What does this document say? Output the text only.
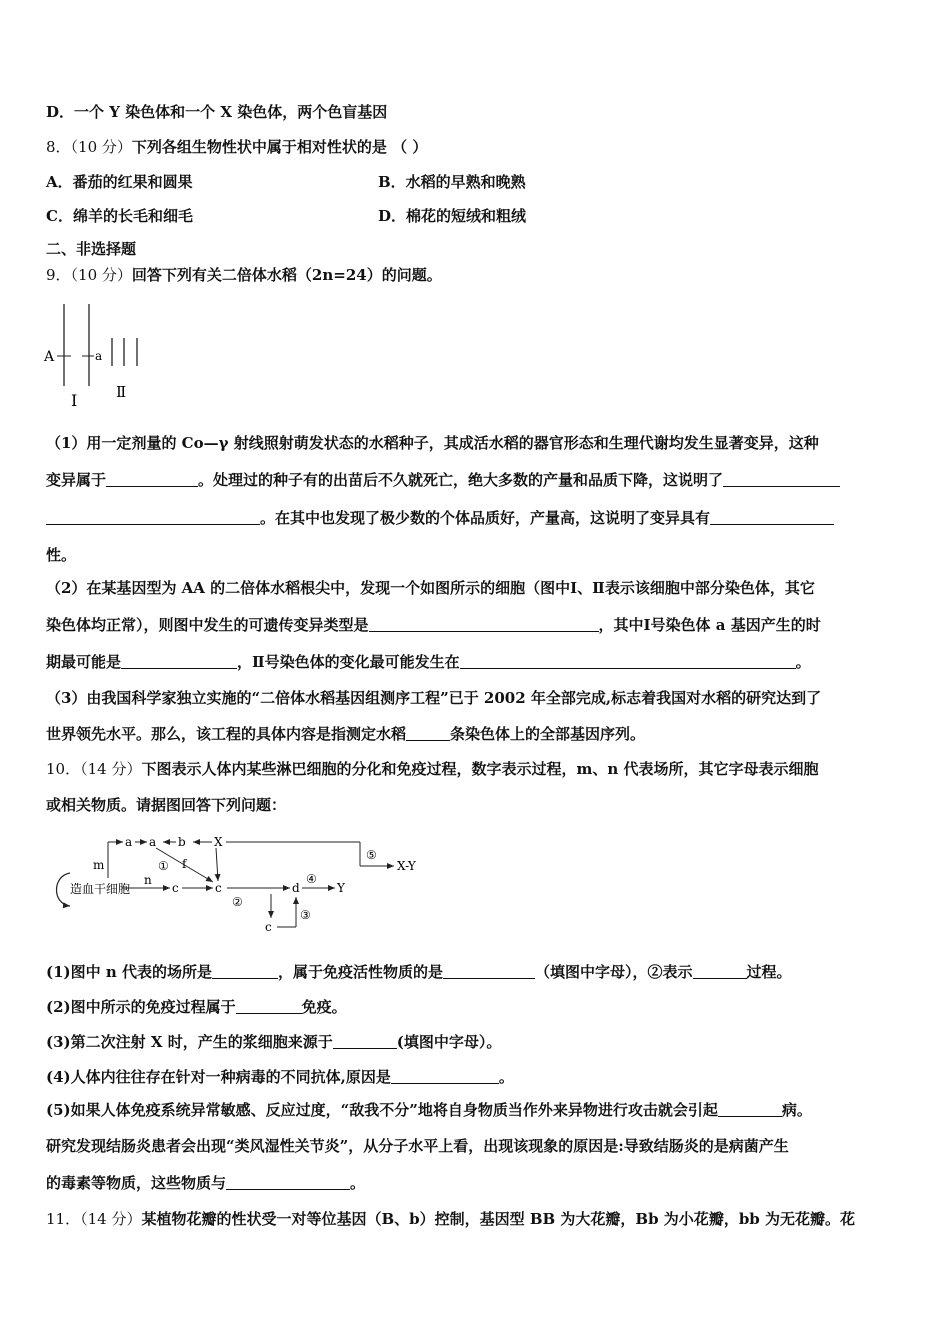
D．一个 Y 染色体和一个 X 染色体，两个色盲基因
8．（10 分）下列各组生物性状中属于相对性状的是 （ ）
A．番茄的红果和圆果	B．水稻的早熟和晚熟
C．绵羊的长毛和细毛	D．棉花的短绒和粗绒
二、非选择题
9．（10 分）回答下列有关二倍体水稻（2n=24）的问题。
A	a
Ⅰ	Ⅱ
（1）用一定剂量的 Co—γ 射线照射萌发状态的水稻种子，其成活水稻的器官形态和生理代谢均发生显著变异，这种
变异属于	。处理过的种子有的出苗后不久就死亡，绝大多数的产量和品质下降，这说明了
。在其中也发现了极少数的个体品质好，产量高，这说明了变异具有
性。
（2）在某基因型为 AA 的二倍体水稻根尖中，发现一个如图所示的细胞（图中Ⅰ、Ⅱ表示该细胞中部分染色体，其它
染色体均正常），则图中发生的可遗传变异类型是	，其中Ⅰ号染色体 a 基因产生的时
期最可能是	，Ⅱ号染色体的变化最可能发生在	。
（3）由我国科学家独立实施的“二倍体水稻基因组测序工程”已于 2002 年全部完成,标志着我国对水稻的研究达到了
世界领先水平。那么，该工程的具体内容是指测定水稻	条染色体上的全部基因序列。
10．（14 分）下图表示人体内某些淋巴细胞的分化和免疫过程，数字表示过程，m、n 代表场所，其它字母表示细胞
或相关物质。请据图回答下列问题：
造血干细胞
m
a a b X
⑤
X-Y
① f
n
c	c
②
d
④
Y
c
③
(1)图中 n 代表的场所是	，属于免疫活性物质的是	（填图中字母），②表示	过程。
(2)图中所示的免疫过程属于	免疫。
(3)第二次注射 X 时，产生的浆细胞来源于	(填图中字母）。
(4)人体内往往存在针对一种病毒的不同抗体,原因是	。
(5)如果人体免疫系统异常敏感、反应过度，“敌我不分”地将自身物质当作外来异物进行攻击就会引起	病。
研究发现结肠炎患者会出现“类风湿性关节炎”，从分子水平上看，出现该现象的原因是:导致结肠炎的是病菌产生
的毒素等物质，这些物质与	。
11．（14 分）某植物花瓣的性状受一对等位基因（B、b）控制，基因型 BB 为大花瓣，Bb 为小花瓣，bb 为无花瓣。花
